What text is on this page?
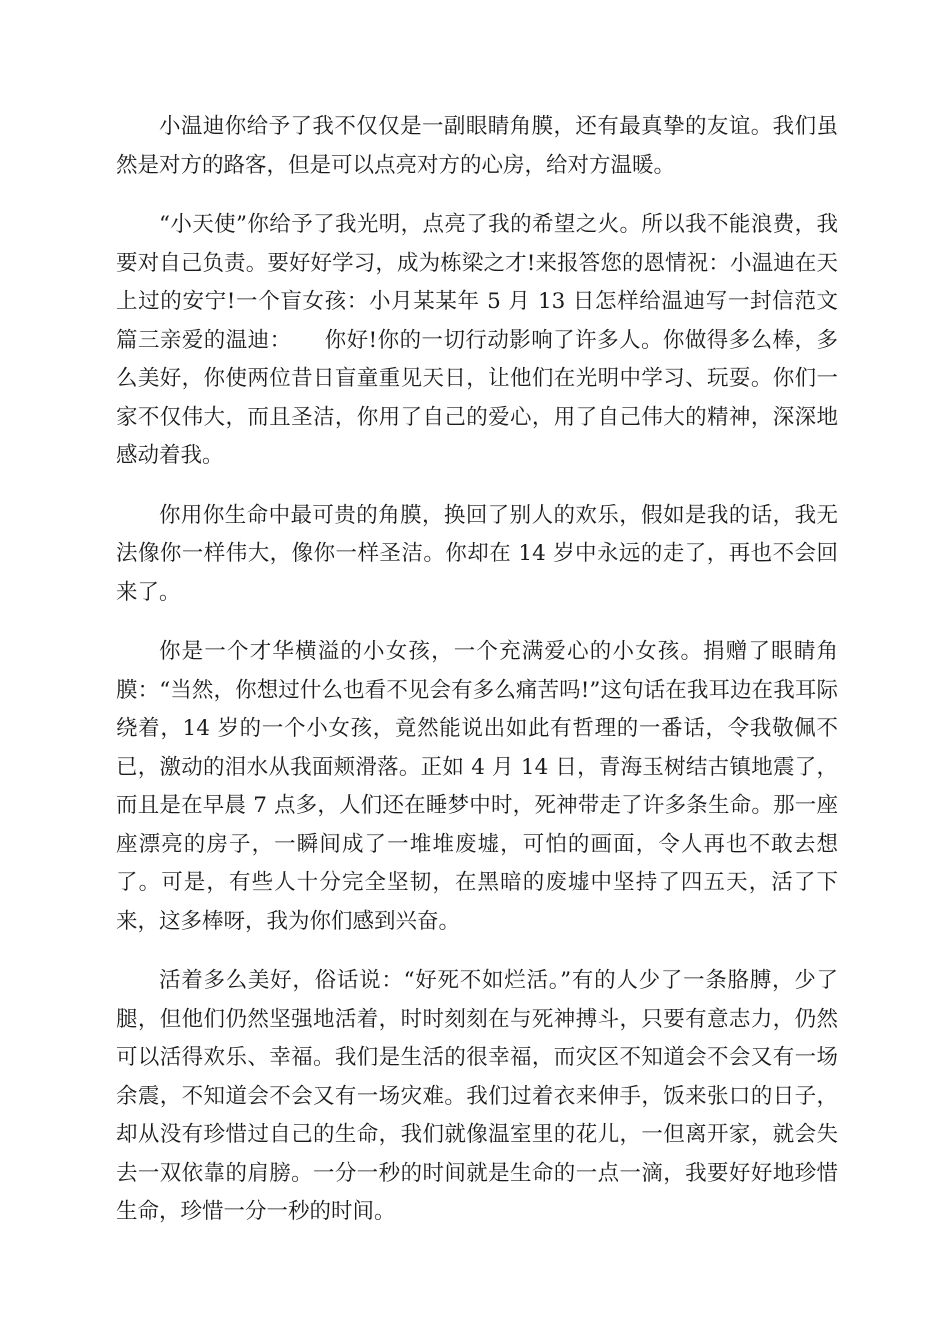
小温迪你给予了我不仅仅是一副眼睛角膜，还有最真挚的友谊。我们虽然是对方的路客，但是可以点亮对方的心房，给对方温暖。

“小天使”你给予了我光明，点亮了我的希望之火。所以我不能浪费，我要对自己负责。要好好学习，成为栋梁之才!来报答您的恩情祝：小温迪在天上过的安宁!一个盲女孩：小月某某年 5 月 13 日怎样给温迪写一封信范文篇三亲爱的温迪：　　你好!你的一切行动影响了许多人。你做得多么棒，多么美好，你使两位昔日盲童重见天日，让他们在光明中学习、玩耍。你们一家不仅伟大，而且圣洁，你用了自己的爱心，用了自己伟大的精神，深深地感动着我。

你用你生命中最可贵的角膜，换回了别人的欢乐，假如是我的话，我无法像你一样伟大，像你一样圣洁。你却在 14 岁中永远的走了，再也不会回来了。

你是一个才华横溢的小女孩，一个充满爱心的小女孩。捐赠了眼睛角膜：“当然，你想过什么也看不见会有多么痛苦吗!”这句话在我耳边在我耳际绕着，14 岁的一个小女孩，竟然能说出如此有哲理的一番话，令我敬佩不已，激动的泪水从我面颊滑落。正如 4 月 14 日，青海玉树结古镇地震了，而且是在早晨 7 点多，人们还在睡梦中时，死神带走了许多条生命。那一座座漂亮的房子，一瞬间成了一堆堆废墟，可怕的画面，令人再也不敢去想了。可是，有些人十分完全坚韧，在黑暗的废墟中坚持了四五天，活了下来，这多棒呀，我为你们感到兴奋。

活着多么美好，俗话说：“好死不如烂活。”有的人少了一条胳膊，少了腿，但他们仍然坚强地活着，时时刻刻在与死神搏斗，只要有意志力，仍然可以活得欢乐、幸福。我们是生活的很幸福，而灾区不知道会不会又有一场余震，不知道会不会又有一场灾难。我们过着衣来伸手，饭来张口的日子，却从没有珍惜过自己的生命，我们就像温室里的花儿，一但离开家，就会失去一双依靠的肩膀。一分一秒的时间就是生命的一点一滴，我要好好地珍惜生命，珍惜一分一秒的时间。
